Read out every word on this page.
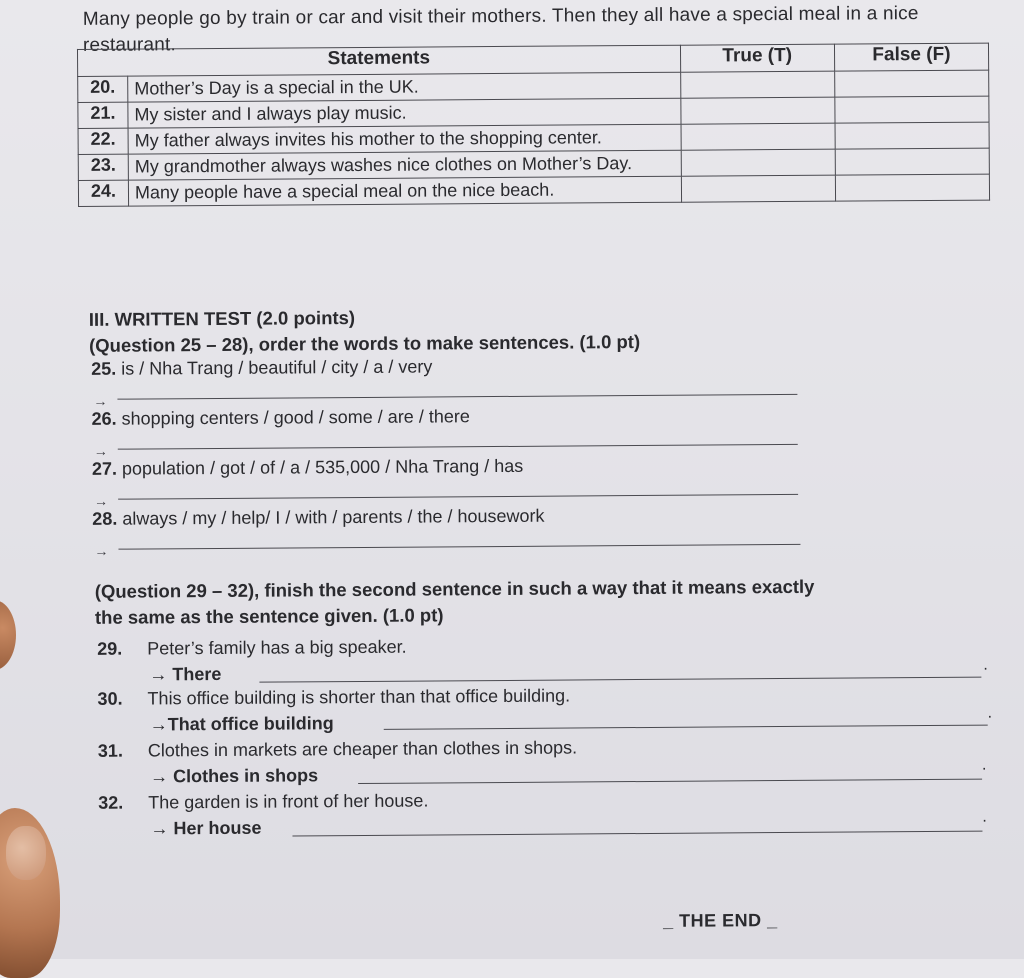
Many people go by train or car and visit their mothers. Then they all have a special meal in a nice restaurant.
Statements		True (T)	False (F)
20.	Mother’s Day is a special in the UK.		
21.	My sister and I always play music.		
22.	My father always invites his mother to the shopping center.		
23.	My grandmother always washes nice clothes on Mother’s Day.		
24.	Many people have a special meal on the nice beach.		
III. WRITTEN TEST (2.0 points)
(Question 25 – 28), order the words to make sentences. (1.0 pt)
25. is / Nha Trang / beautiful / city / a / very
→
26. shopping centers / good / some / are / there
→
27. population / got / of / a / 535,000 / Nha Trang / has
→
28. always / my / help/ I / with / parents / the / housework
→
(Question 29 – 32), finish the second sentence in such a way that it means exactly
the same as the sentence given. (1.0 pt)
29. Peter’s family has a big speaker.
→ There	.
30. This office building is shorter than that office building.
→That office building
.
31. Clothes in markets are cheaper than clothes in shops.
→ Clothes in shops
.
32. The garden is in front of her house.
→ Her house
.
_ THE END _
